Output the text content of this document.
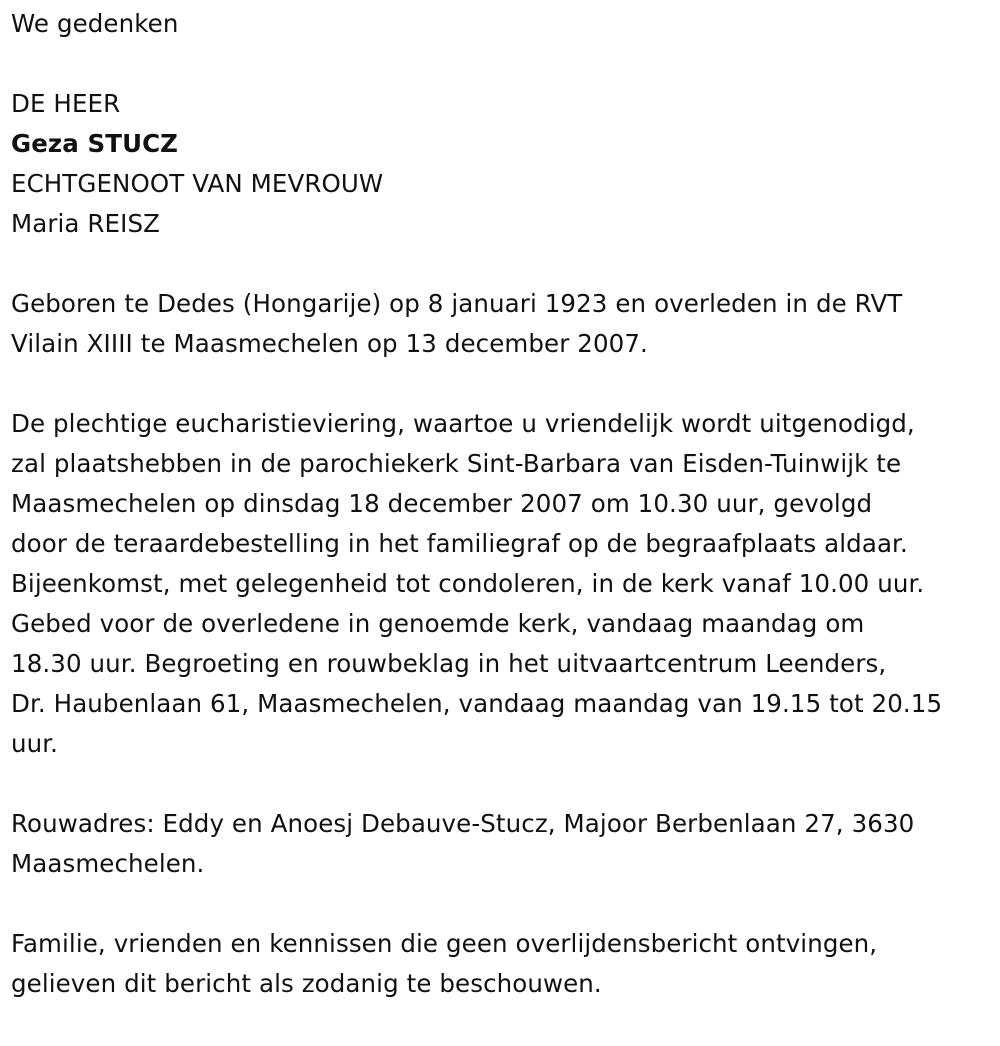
We gedenken
DE HEER
Geza STUCZ
ECHTGENOOT VAN MEVROUW
Maria REISZ
Geboren te Dedes (Hongarije) op 8 januari 1923 en overleden in de RVT
Vilain XIIII te Maasmechelen op 13 december 2007.
De plechtige eucharistieviering, waartoe u vriendelijk wordt uitgenodigd,
zal plaatshebben in de parochiekerk Sint-Barbara van Eisden-Tuinwijk te
Maasmechelen op dinsdag 18 december 2007 om 10.30 uur, gevolgd
door de teraardebestelling in het familiegraf op de begraafplaats aldaar.
Bijeenkomst, met gelegenheid tot condoleren, in de kerk vanaf 10.00 uur.
Gebed voor de overledene in genoemde kerk, vandaag maandag om
18.30 uur. Begroeting en rouwbeklag in het uitvaartcentrum Leenders,
Dr. Haubenlaan 61, Maasmechelen, vandaag maandag van 19.15 tot 20.15
uur.
Rouwadres: Eddy en Anoesj Debauve-Stucz, Majoor Berbenlaan 27, 3630
Maasmechelen.
Familie, vrienden en kennissen die geen overlijdensbericht ontvingen,
gelieven dit bericht als zodanig te beschouwen.
